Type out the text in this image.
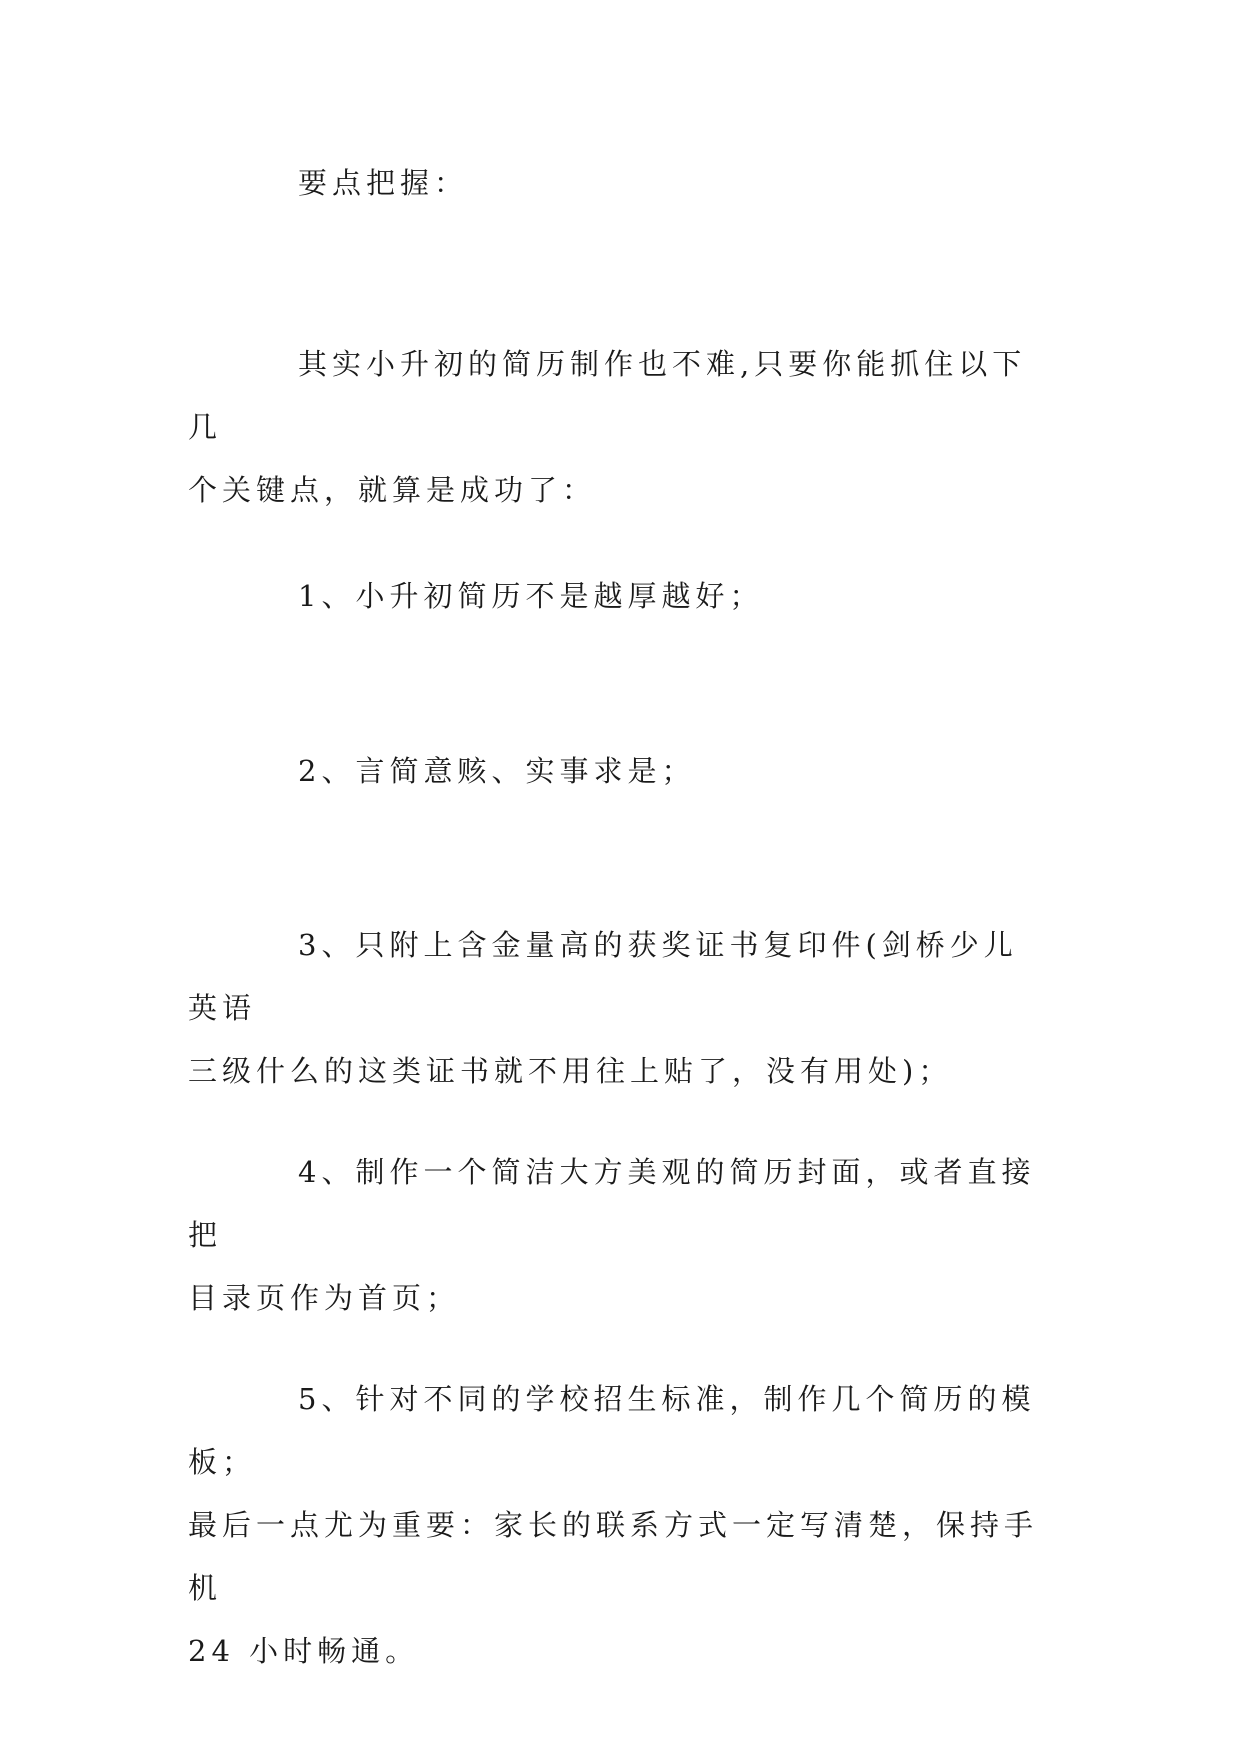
要点把握：

其实小升初的简历制作也不难,只要你能抓住以下几
个关键点，就算是成功了：

1、小升初简历不是越厚越好；

2、言简意赅、实事求是；

3、只附上含金量高的获奖证书复印件(剑桥少儿英语
三级什么的这类证书就不用往上贴了，没有用处)；

4、制作一个简洁大方美观的简历封面，或者直接把
目录页作为首页；

5、针对不同的学校招生标准，制作几个简历的模板；
最后一点尤为重要：家长的联系方式一定写清楚，保持手机
24 小时畅通。
